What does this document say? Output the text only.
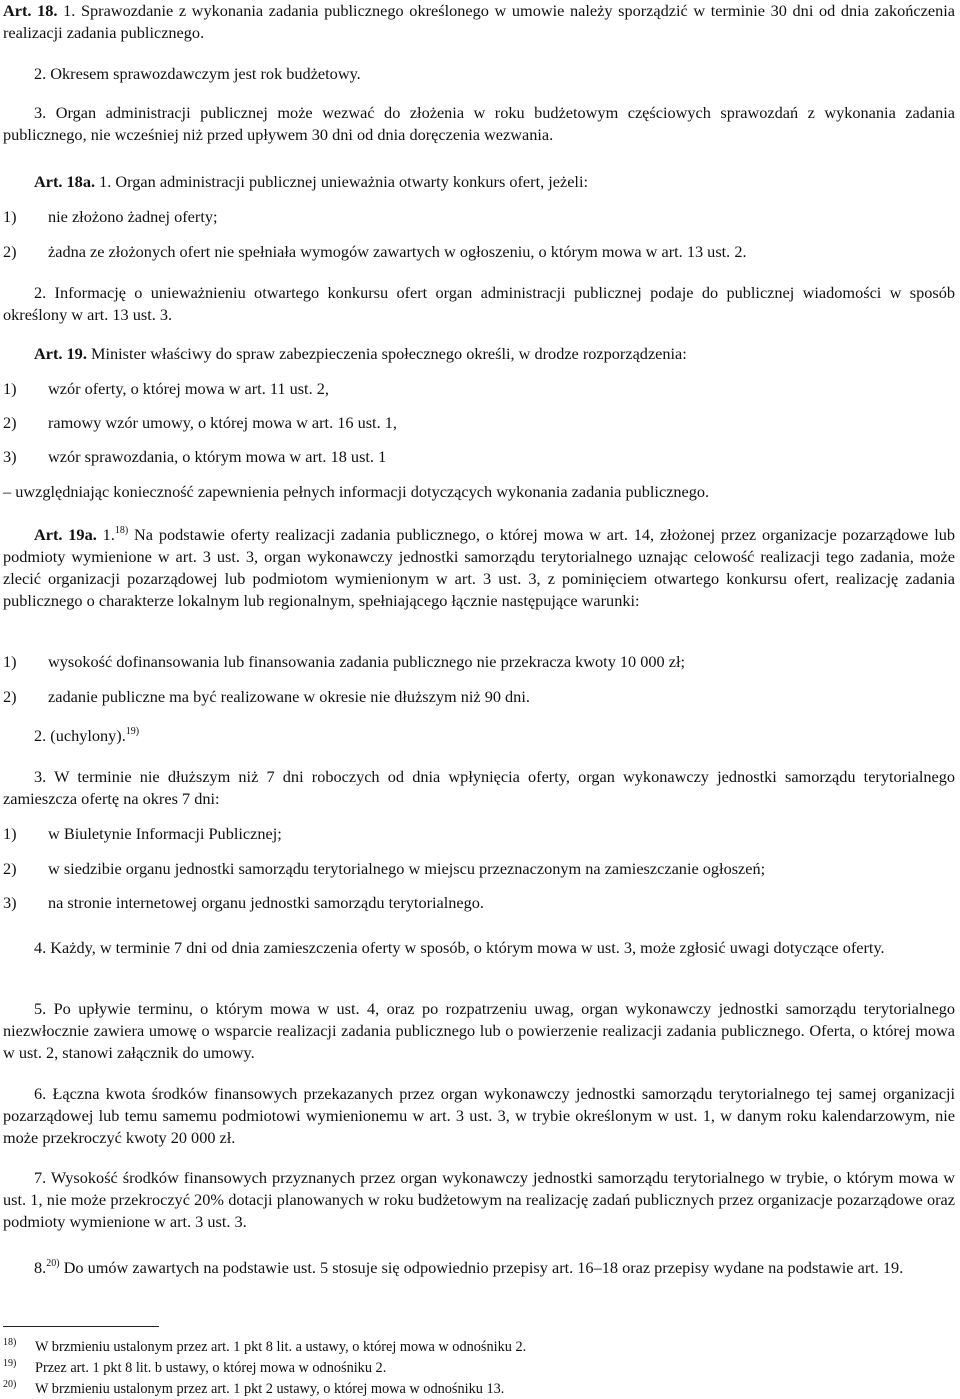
Art. 18. 1. Sprawozdanie z wykonania zadania publicznego określonego w umowie należy sporządzić w terminie 30 dni od dnia zakończenia realizacji zadania publicznego.

2. Okresem sprawozdawczym jest rok budżetowy.

3. Organ administracji publicznej może wezwać do złożenia w roku budżetowym częściowych sprawozdań z wykonania zadania publicznego, nie wcześniej niż przed upływem 30 dni od dnia doręczenia wezwania.

Art. 18a. 1. Organ administracji publicznej unieważnia otwarty konkurs ofert, jeżeli:

1)	nie złożono żadnej oferty;
2)	żadna ze złożonych ofert nie spełniała wymogów zawartych w ogłoszeniu, o którym mowa w art. 13 ust. 2.

2. Informację o unieważnieniu otwartego konkursu ofert organ administracji publicznej podaje do publicznej wiadomości w sposób określony w art. 13 ust. 3.

Art. 19. Minister właściwy do spraw zabezpieczenia społecznego określi, w drodze rozporządzenia:

1)	wzór oferty, o której mowa w art. 11 ust. 2,
2)	ramowy wzór umowy, o której mowa w art. 16 ust. 1,
3)	wzór sprawozdania, o którym mowa w art. 18 ust. 1

– uwzględniając konieczność zapewnienia pełnych informacji dotyczących wykonania zadania publicznego.

Art. 19a. 1.$^{18)}$ Na podstawie oferty realizacji zadania publicznego, o której mowa w art. 14, złożonej przez organizacje pozarządowe lub podmioty wymienione w art. 3 ust. 3, organ wykonawczy jednostki samorządu terytorialnego uznając celowość realizacji tego zadania, może zlecić organizacji pozarządowej lub podmiotom wymienionym w art. 3 ust. 3, z pominięciem otwartego konkursu ofert, realizację zadania publicznego o charakterze lokalnym lub regionalnym, spełniającego łącznie następujące warunki:

1)	wysokość dofinansowania lub finansowania zadania publicznego nie przekracza kwoty 10 000 zł;
2)	zadanie publiczne ma być realizowane w okresie nie dłuższym niż 90 dni.

2. (uchylony).$^{19)}$

3. W terminie nie dłuższym niż 7 dni roboczych od dnia wpłynięcia oferty, organ wykonawczy jednostki samorządu terytorialnego zamieszcza ofertę na okres 7 dni:

1)	w Biuletynie Informacji Publicznej;
2)	w siedzibie organu jednostki samorządu terytorialnego w miejscu przeznaczonym na zamieszczanie ogłoszeń;
3)	na stronie internetowej organu jednostki samorządu terytorialnego.

4. Każdy, w terminie 7 dni od dnia zamieszczenia oferty w sposób, o którym mowa w ust. 3, może zgłosić uwagi dotyczące oferty.

5. Po upływie terminu, o którym mowa w ust. 4, oraz po rozpatrzeniu uwag, organ wykonawczy jednostki samorządu terytorialnego niezwłocznie zawiera umowę o wsparcie realizacji zadania publicznego lub o powierzenie realizacji zadania publicznego. Oferta, o której mowa w ust. 2, stanowi załącznik do umowy.

6. Łączna kwota środków finansowych przekazanych przez organ wykonawczy jednostki samorządu terytorialnego tej samej organizacji pozarządowej lub temu samemu podmiotowi wymienionemu w art. 3 ust. 3, w trybie określonym w ust. 1, w danym roku kalendarzowym, nie może przekroczyć kwoty 20 000 zł.

7. Wysokość środków finansowych przyznanych przez organ wykonawczy jednostki samorządu terytorialnego w trybie, o którym mowa w ust. 1, nie może przekroczyć 20% dotacji planowanych w roku budżetowym na realizację zadań publicznych przez organizacje pozarządowe oraz podmioty wymienione w art. 3 ust. 3.

8.$^{20)}$ Do umów zawartych na podstawie ust. 5 stosuje się odpowiednio przepisy art. 16–18 oraz przepisy wydane na podstawie art. 19.

18)	W brzmieniu ustalonym przez art. 1 pkt 8 lit. a ustawy, o której mowa w odnośniku 2.
19)	Przez art. 1 pkt 8 lit. b ustawy, o której mowa w odnośniku 2.
20)	W brzmieniu ustalonym przez art. 1 pkt 2 ustawy, o której mowa w odnośniku 13.
